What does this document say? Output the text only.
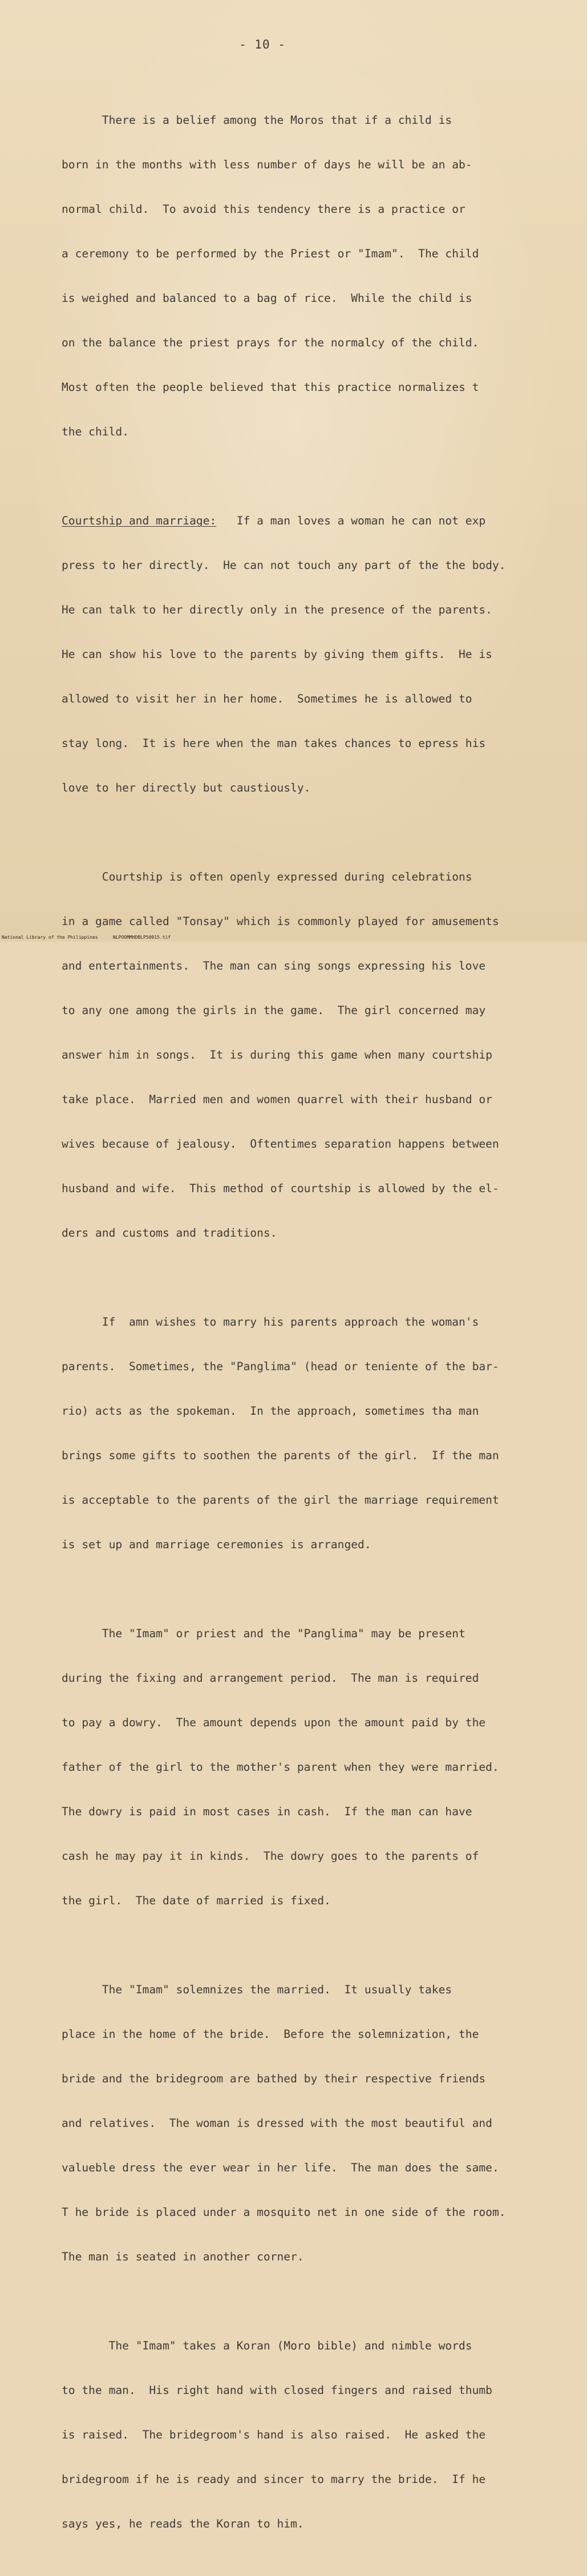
- 10 -

There is a belief among the Moros that if a child is

born in the months with less number of days he will be an ab-

normal child.  To avoid this tendency there is a practice or

a ceremony to be performed by the Priest or "Imam".  The child

is weighed and balanced to a bag of rice.  While the child is

on the balance the priest prays for the normalcy of the child.

Most often the people believed that this practice normalizes t

the child.

Courtship and marriage:   If a man loves a woman he can not exp

press to her directly.  He can not touch any part of the the body.

He can talk to her directly only in the presence of the parents.

He can show his love to the parents by giving them gifts.  He is

allowed to visit her in her home.  Sometimes he is allowed to

stay long.  It is here when the man takes chances to epress his

love to her directly but caustiously.

Courtship is often openly expressed during celebrations

in a game called "Tonsay" which is commonly played for amusements

and entertainments.  The man can sing songs expressing his love

to any one among the girls in the game.  The girl concerned may

answer him in songs.  It is during this game when many courtship

take place.  Married men and women quarrel with their husband or

wives because of jealousy.  Oftentimes separation happens between

husband and wife.  This method of courtship is allowed by the el-

ders and customs and traditions.

If  amn wishes to marry his parents approach the woman's

parents.  Sometimes, the "Panglima" (head or teniente of the bar-

rio) acts as the spokeman.  In the approach, sometimes tha man

brings some gifts to soothen the parents of the girl.  If the man

is acceptable to the parents of the girl the marriage requirement

is set up and marriage ceremonies is arranged.

The "Imam" or priest and the "Panglima" may be present

during the fixing and arrangement period.  The man is required

to pay a dowry.  The amount depends upon the amount paid by the

father of the girl to the mother's parent when they were married.

The dowry is paid in most cases in cash.  If the man can have

cash he may pay it in kinds.  The dowry goes to the parents of

the girl.  The date of married is fixed.

The "Imam" solemnizes the married.  It usually takes

place in the home of the bride.  Before the solemnization, the

bride and the bridegroom are bathed by their respective friends

and relatives.  The woman is dressed with the most beautiful and

valueble dress the ever wear in her life.  The man does the same.

T he bride is placed under a mosquito net in one side of the room.

The man is seated in another corner.

The "Imam" takes a Koran (Moro bible) and nimble words

to the man.  His right hand with closed fingers and raised thumb

is raised.  The bridegroom's hand is also raised.  He asked the

bridegroom if he is ready and sincer to marry the bride.  If he

says yes, he reads the Koran to him.

National Library of the Philippines	NLPOOMMHDBLP50015.tif
